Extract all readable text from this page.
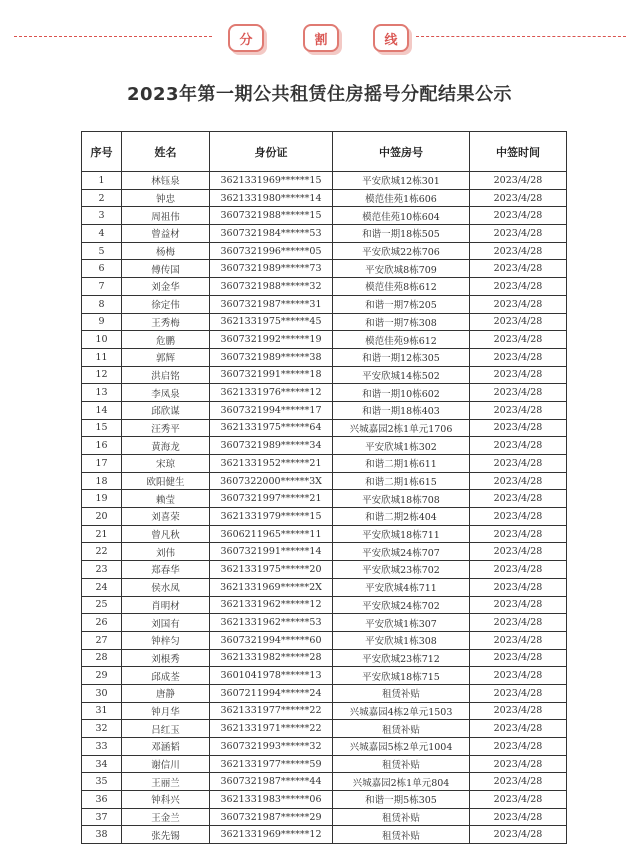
分	割	线
2023年第一期公共租赁住房摇号分配结果公示
序号	姓名	身份证	中签房号	中签时间
1	林钰泉	3621331969******15	平安欣城12栋301	2023/4/28
2	钟忠	3621331980******14	模范佳苑1栋606	2023/4/28
3	周祖伟	3607321988******15	模范佳苑10栋604	2023/4/28
4	曾益材	3607321984******53	和谐一期18栋505	2023/4/28
5	杨梅	3607321996******05	平安欣城22栋706	2023/4/28
6	傅传国	3607321989******73	平安欣城8栋709	2023/4/28
7	刘金华	3607321988******32	模范佳苑8栋612	2023/4/28
8	徐定伟	3607321987******31	和谐一期7栋205	2023/4/28
9	王秀梅	3621331975******45	和谐一期7栋308	2023/4/28
10	危鹏	3607321992******19	模范佳苑9栋612	2023/4/28
11	郭辉	3607321989******38	和谐一期12栋305	2023/4/28
12	洪启铭	3607321991******18	平安欣城14栋502	2023/4/28
13	李凤泉	3621331976******12	和谐一期10栋602	2023/4/28
14	邱欣谋	3607321994******17	和谐一期18栋403	2023/4/28
15	汪秀平	3621331975******64	兴城嘉园2栋1单元1706	2023/4/28
16	黄海龙	3607321989******34	平安欣城1栋302	2023/4/28
17	宋琼	3621331952******21	和谐二期1栋611	2023/4/28
18	欧阳健生	3607322000******3X	和谐二期1栋615	2023/4/28
19	赖莹	3607321997******21	平安欣城18栋708	2023/4/28
20	刘喜荣	3621331979******15	和谐二期2栋404	2023/4/28
21	曾凡秋	3606211965******11	平安欣城18栋711	2023/4/28
22	刘伟	3607321991******14	平安欣城24栋707	2023/4/28
23	郑春华	3621331975******20	平安欣城23栋702	2023/4/28
24	侯水凤	3621331969******2X	平安欣城4栋711	2023/4/28
25	肖明材	3621331962******12	平安欣城24栋702	2023/4/28
26	刘国有	3621331962******53	平安欣城1栋307	2023/4/28
27	钟梓匀	3607321994******60	平安欣城1栋308	2023/4/28
28	刘根秀	3621331982******28	平安欣城23栋712	2023/4/28
29	邱成荃	3601041978******13	平安欣城18栋715	2023/4/28
30	唐静	3607211994******24	租赁补贴	2023/4/28
31	钟月华	3621331977******22	兴城嘉园4栋2单元1503	2023/4/28
32	吕红玉	3621331971******22	租赁补贴	2023/4/28
33	邓涵韬	3607321993******32	兴城嘉园5栋2单元1004	2023/4/28
34	谢信川	3621331977******59	租赁补贴	2023/4/28
35	王丽兰	3607321987******44	兴城嘉园2栋1单元804	2023/4/28
36	钟科兴	3621331983******06	和谐一期5栋305	2023/4/28
37	王金兰	3607321987******29	租赁补贴	2023/4/28
38	张先锡	3621331969******12	租赁补贴	2023/4/28
